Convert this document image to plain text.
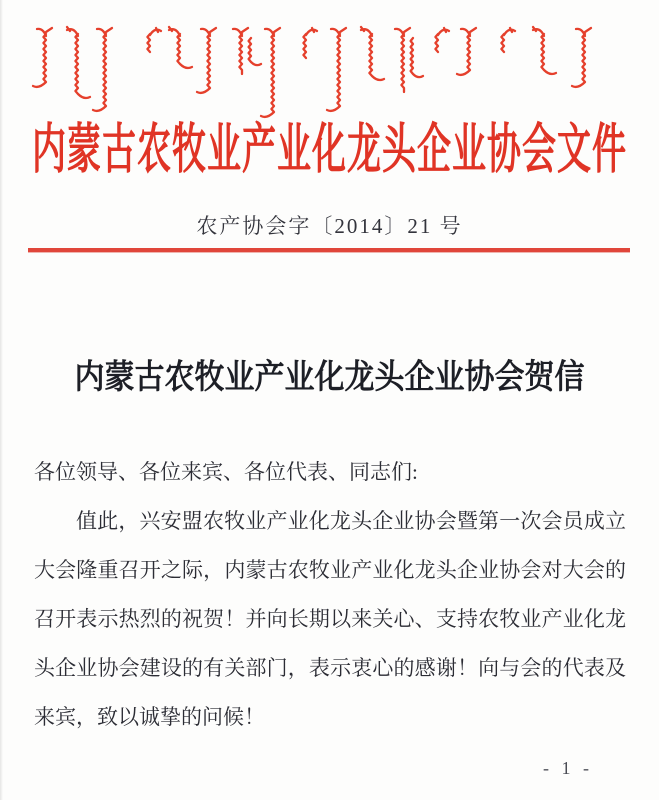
内蒙古农牧业产业化龙头企业协会文件
农产协会字〔2014〕21 号
内蒙古农牧业产业化龙头企业协会贺信

各位领导、各位来宾、各位代表、同志们:

值此，兴安盟农牧业产业化龙头企业协会暨第一次会员成立大会隆重召开之际，内蒙古农牧业产业化龙头企业协会对大会的召开表示热烈的祝贺！并向长期以来关心、支持农牧业产业化龙头企业协会建设的有关部门，表示衷心的感谢！向与会的代表及来宾，致以诚挚的问候！

- 1 -
